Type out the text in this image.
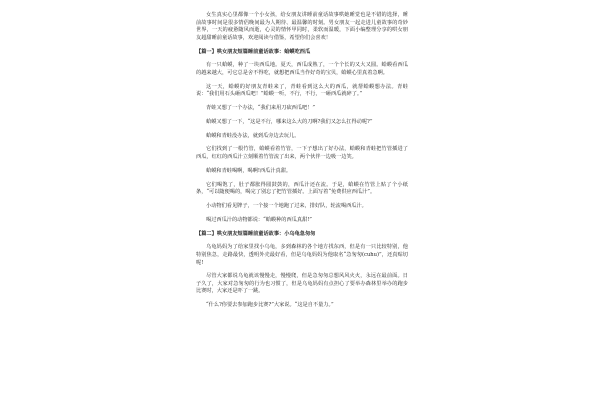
女生真实心里都像一个小女孩，给女朋友讲睡前童话故事哄她睡觉也是不错的选择，睡前故事时间是很多情侣晚间最为人期待、最温馨的时刻。男女朋友一起走进儿童故事的奇妙世界，一天的疲惫随风而逝，心灵的情怀甲同时，柔软而温暖，下面小编整理分享的哄女朋友超甜睡前童话故事，欢迎阅读与借鉴，希望你们会喜欢！

【篇一】哄女朋友短篇睡前童话故事：蛤蟆吃西瓜

有一只蛤蟆，种了一块西瓜地。夏天，西瓜成熟了，一个个长的又大又圆。蛤蟆看西瓜的越来越大，可它总是舍不得吃，就想把西瓜当作好奇的宝贝，蛤蟆心里真着急啊。

这一天，蛤蟆的好朋友青蛙来了，青蛙看到这么大的西瓜，就帮蛤蟆想办法。青蛙说：“我们用石头砸西瓜吧！”蛤蟆一听，不行，不行，一砸西瓜就碎了。”

青蛙又想了一个办法，“我们来用刀砍西瓜吧！”

蛤蟆又想了一下，“这是不行，哪来这么大的刀啊?我们又怎么扛得动呢?”

蛤蟆和青蛙没办法，就到瓜旁边去玩儿。

它们找到了一根竹管，蛤蟆看着竹管，一下子想出了好办法，蛤蟆和青蛙把竹管插进了西瓜，红红的西瓜汁立刻顺着竹管流了出来，两个伙伴一边吸一边笑。

蛤蟆和青蛙喝啊，喝啊!西瓜汁真甜。

它们喝饱了，肚子都胀得圆鼓鼓的，西瓜汁还在流。于是，蛤蟆在竹管上贴了个小纸条，“可以随便喝的，喝完了别忘了把竹管插好。上面写着“免费供应西瓜汁”。

小动物们看见牌子，一个接一个地跑了过来，排好队，轮流喝西瓜汁。

喝过西瓜汁的动物都说：“蛤蟆种的西瓜真甜!”

【篇二】哄女朋友短篇睡前童话故事：小乌龟急匆匆

乌龟妈妈为了给家里找小乌龟，多到森林的各个地方找东西，但是有一只比较特别，他特别焦急，走路最快，透明外壳最好看，但是乌龟妈妈为他取名“急匆匆(cuhu)”，还真贴切呢!

尽管大家都说乌龟就该慢慢走，慢慢爬，但是急匆匆总想风风火火，永远在最前面。日子久了，大家对急匆匆的行为也习惯了，但是乌龟妈妈有点担心了要举办森林里举办的跑步比赛时，大家还是吓了一跳。

“什么?你要去参加跑步比赛?”大家说。“这是自不量力。”
